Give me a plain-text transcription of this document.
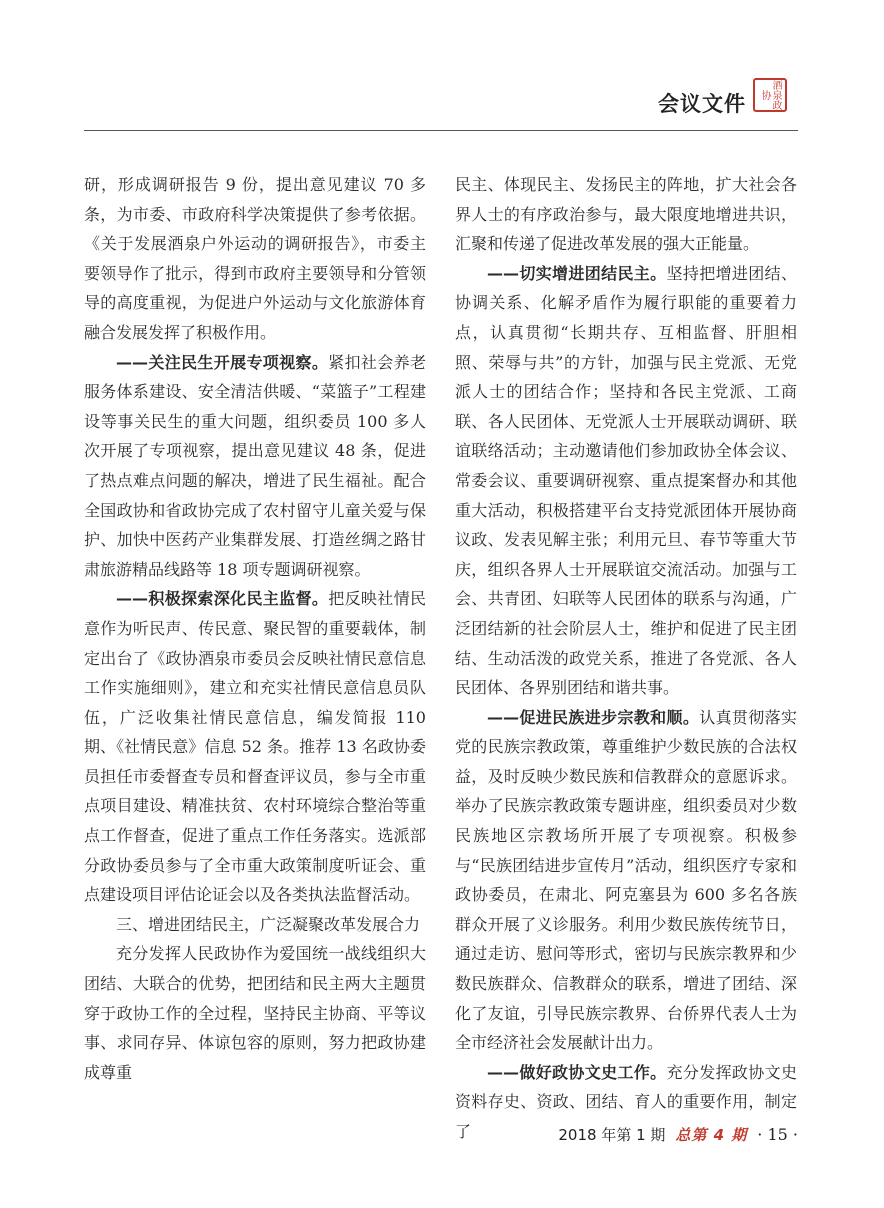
会议文件	酒泉政协

研，形成调研报告 9 份，提出意见建议 70 多条，为市委、市政府科学决策提供了参考依据。《关于发展酒泉户外运动的调研报告》，市委主要领导作了批示，得到市政府主要领导和分管领导的高度重视，为促进户外运动与文化旅游体育融合发展发挥了积极作用。

——关注民生开展专项视察。紧扣社会养老服务体系建设、安全清洁供暖、“菜篮子”工程建设等事关民生的重大问题，组织委员 100 多人次开展了专项视察，提出意见建议 48 条，促进了热点难点问题的解决，增进了民生福祉。配合全国政协和省政协完成了农村留守儿童关爱与保护、加快中医药产业集群发展、打造丝绸之路甘肃旅游精品线路等 18 项专题调研视察。

——积极探索深化民主监督。把反映社情民意作为听民声、传民意、聚民智的重要载体，制定出台了《政协酒泉市委员会反映社情民意信息工作实施细则》，建立和充实社情民意信息员队伍，广泛收集社情民意信息，编发简报 110 期、《社情民意》信息 52 条。推荐 13 名政协委员担任市委督查专员和督查评议员，参与全市重点项目建设、精准扶贫、农村环境综合整治等重点工作督查，促进了重点工作任务落实。选派部分政协委员参与了全市重大政策制度听证会、重点建设项目评估论证会以及各类执法监督活动。

三、增进团结民主，广泛凝聚改革发展合力

充分发挥人民政协作为爱国统一战线组织大团结、大联合的优势，把团结和民主两大主题贯穿于政协工作的全过程，坚持民主协商、平等议事、求同存异、体谅包容的原则，努力把政协建成尊重

民主、体现民主、发扬民主的阵地，扩大社会各界人士的有序政治参与，最大限度地增进共识，汇聚和传递了促进改革发展的强大正能量。

——切实增进团结民主。坚持把增进团结、协调关系、化解矛盾作为履行职能的重要着力点，认真贯彻“长期共存、互相监督、肝胆相照、荣辱与共”的方针，加强与民主党派、无党派人士的团结合作；坚持和各民主党派、工商联、各人民团体、无党派人士开展联动调研、联谊联络活动；主动邀请他们参加政协全体会议、常委会议、重要调研视察、重点提案督办和其他重大活动，积极搭建平台支持党派团体开展协商议政、发表见解主张；利用元旦、春节等重大节庆，组织各界人士开展联谊交流活动。加强与工会、共青团、妇联等人民团体的联系与沟通，广泛团结新的社会阶层人士，维护和促进了民主团结、生动活泼的政党关系，推进了各党派、各人民团体、各界别团结和谐共事。

——促进民族进步宗教和顺。认真贯彻落实党的民族宗教政策，尊重维护少数民族的合法权益，及时反映少数民族和信教群众的意愿诉求。举办了民族宗教政策专题讲座，组织委员对少数民族地区宗教场所开展了专项视察。积极参与“民族团结进步宣传月”活动，组织医疗专家和政协委员，在肃北、阿克塞县为 600 多名各族群众开展了义诊服务。利用少数民族传统节日，通过走访、慰问等形式，密切与民族宗教界和少数民族群众、信教群众的联系，增进了团结、深化了友谊，引导民族宗教界、台侨界代表人士为全市经济社会发展献计出力。

——做好政协文史工作。充分发挥政协文史资料存史、资政、团结、育人的重要作用，制定了	2018 年第 1 期 总第 4 期 · 15 ·
